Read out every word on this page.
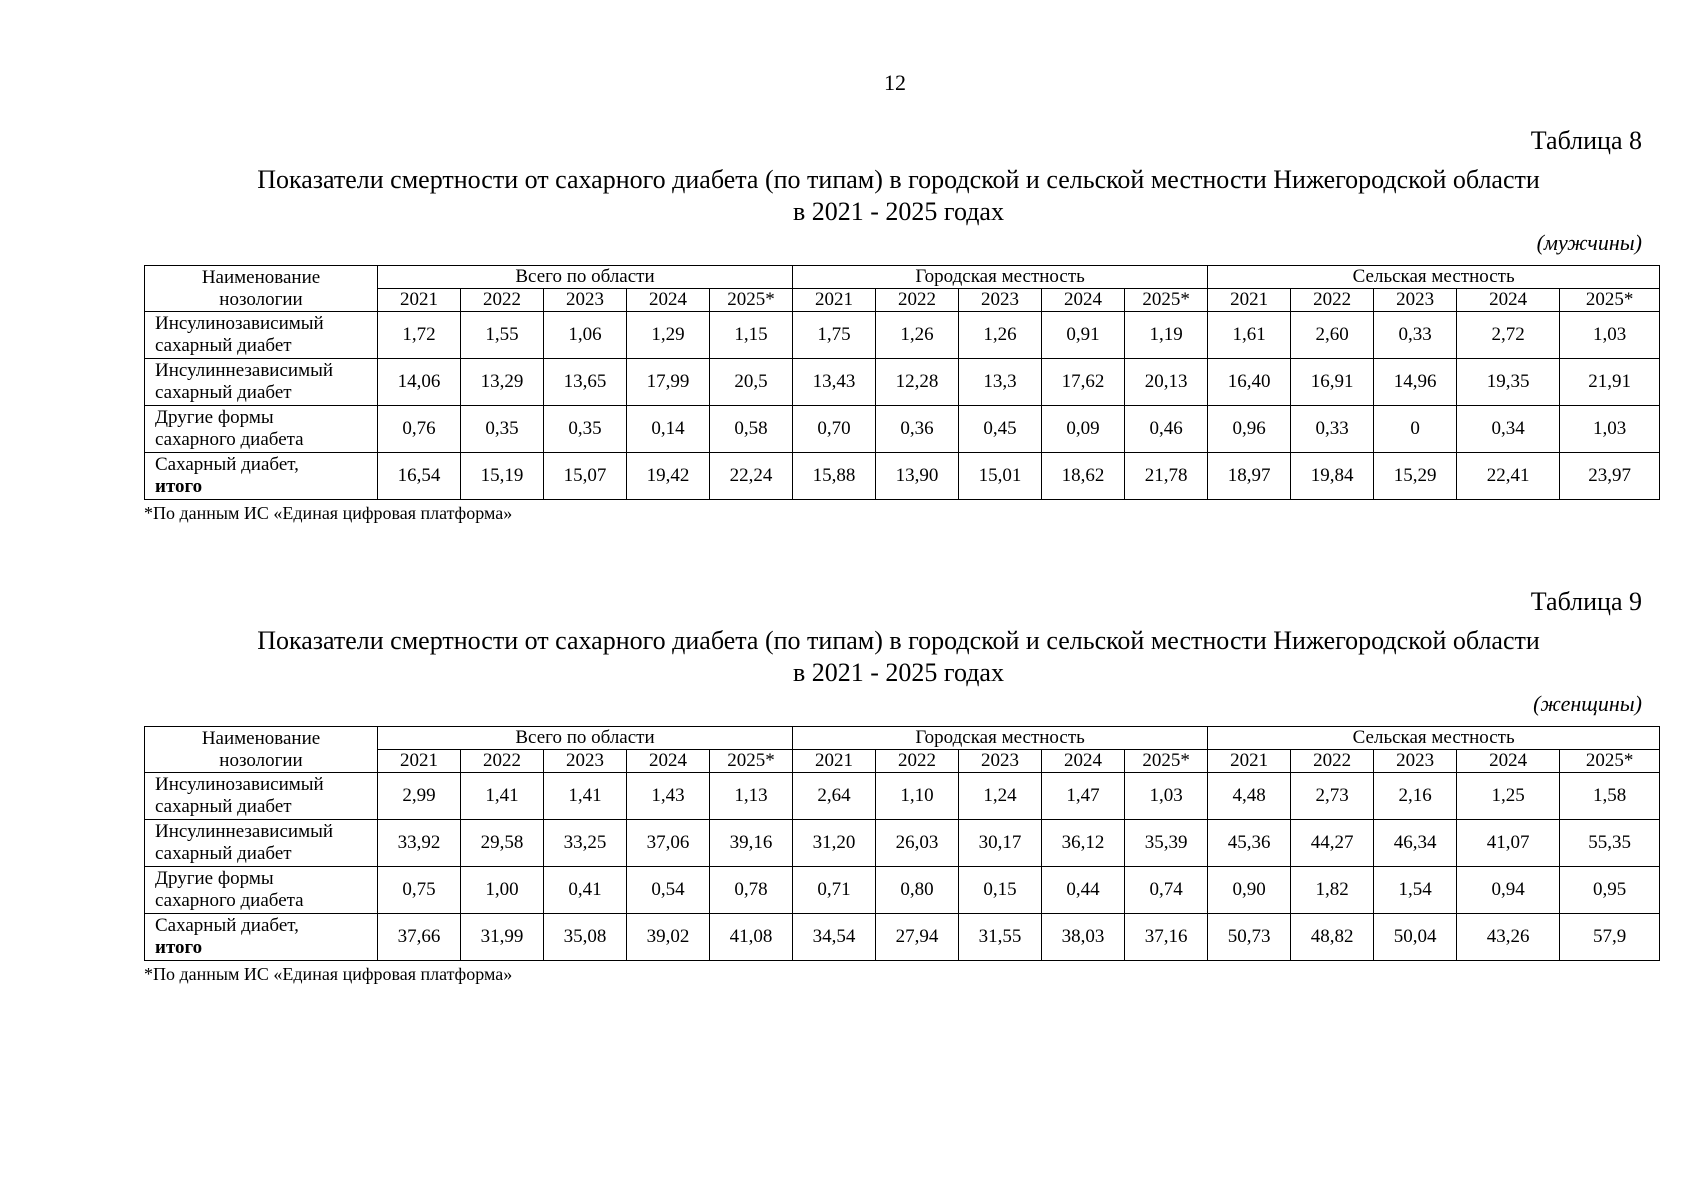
12

Таблица 8

Показатели смертности от сахарного диабета (по типам) в городской и сельской местности Нижегородской области
в 2021 - 2025 годах

(мужчины)

Наименование
нозологии	Всего по области					Городская местность					Сельская местность				
	2021	2022	2023	2024	2025*	2021	2022	2023	2024	2025*	2021	2022	2023	2024	2025*
Инсулинозависимый
сахарный диабет	1,72	1,55	1,06	1,29	1,15	1,75	1,26	1,26	0,91	1,19	1,61	2,60	0,33	2,72	1,03
Инсулиннезависимый
сахарный диабет	14,06	13,29	13,65	17,99	20,5	13,43	12,28	13,3	17,62	20,13	16,40	16,91	14,96	19,35	21,91
Другие формы
сахарного диабета	0,76	0,35	0,35	0,14	0,58	0,70	0,36	0,45	0,09	0,46	0,96	0,33	0	0,34	1,03
Сахарный диабет,
итого	16,54	15,19	15,07	19,42	22,24	15,88	13,90	15,01	18,62	21,78	18,97	19,84	15,29	22,41	23,97

*По данным ИС «Единая цифровая платформа»

Таблица 9

Показатели смертности от сахарного диабета (по типам) в городской и сельской местности Нижегородской области
в 2021 - 2025 годах

(женщины)

Наименование
нозологии	Всего по области					Городская местность					Сельская местность				
	2021	2022	2023	2024	2025*	2021	2022	2023	2024	2025*	2021	2022	2023	2024	2025*
Инсулинозависимый
сахарный диабет	2,99	1,41	1,41	1,43	1,13	2,64	1,10	1,24	1,47	1,03	4,48	2,73	2,16	1,25	1,58
Инсулиннезависимый
сахарный диабет	33,92	29,58	33,25	37,06	39,16	31,20	26,03	30,17	36,12	35,39	45,36	44,27	46,34	41,07	55,35
Другие формы
сахарного диабета	0,75	1,00	0,41	0,54	0,78	0,71	0,80	0,15	0,44	0,74	0,90	1,82	1,54	0,94	0,95
Сахарный диабет,
итого	37,66	31,99	35,08	39,02	41,08	34,54	27,94	31,55	38,03	37,16	50,73	48,82	50,04	43,26	57,9

*По данным ИС «Единая цифровая платформа»
